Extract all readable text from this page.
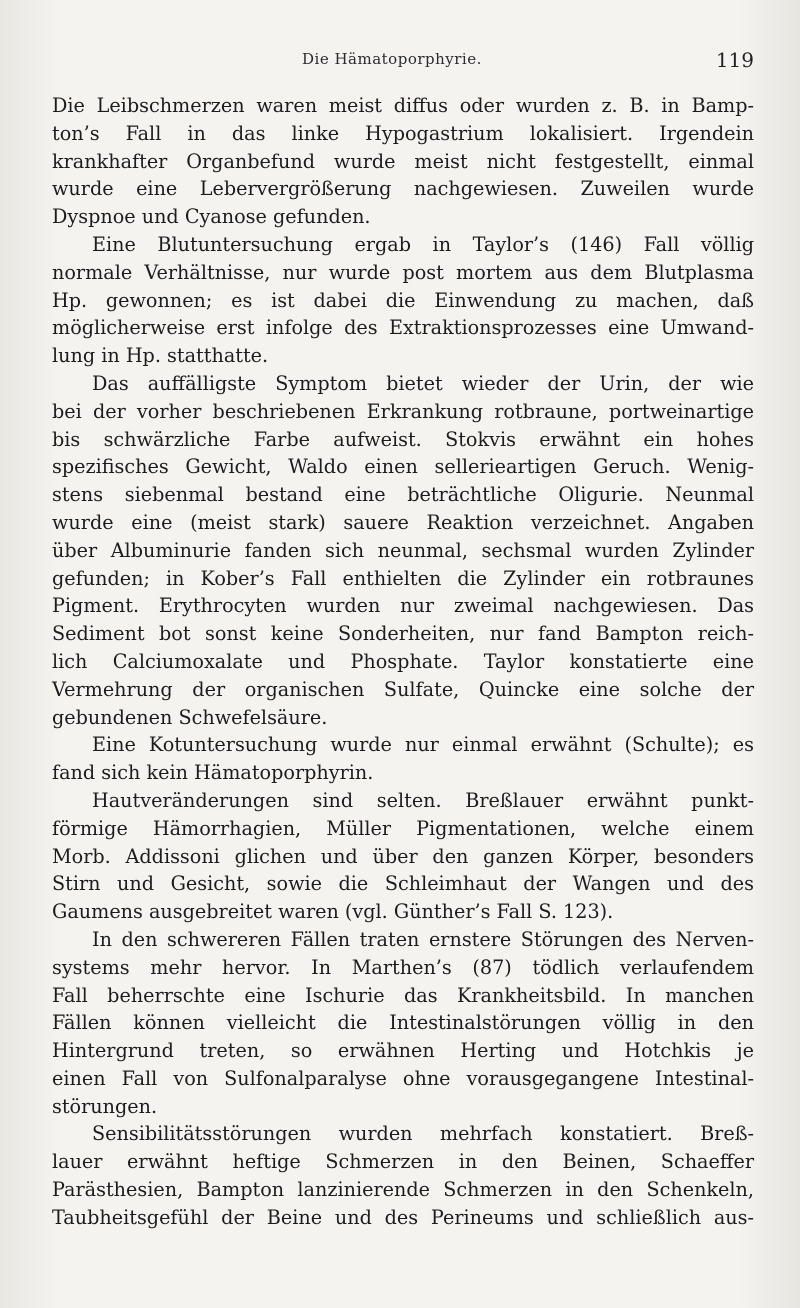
Die Hämatoporphyrie.	119

Die Leibschmerzen waren meist diffus oder wurden z. B. in Bamp-

ton’s Fall in das linke Hypogastrium lokalisiert. Irgendein

krankhafter Organbefund wurde meist nicht festgestellt, einmal

wurde eine Lebervergrößerung nachgewiesen. Zuweilen wurde

Dyspnoe und Cyanose gefunden.

Eine Blutuntersuchung ergab in Taylor’s (146) Fall völlig

normale Verhältnisse, nur wurde post mortem aus dem Blutplasma

Hp. gewonnen; es ist dabei die Einwendung zu machen, daß

möglicherweise erst infolge des Extraktionsprozesses eine Umwand-

lung in Hp. statthatte.

Das auffälligste Symptom bietet wieder der Urin, der wie

bei der vorher beschriebenen Erkrankung rotbraune, portweinartige

bis schwärzliche Farbe aufweist. Stokvis erwähnt ein hohes

spezifisches Gewicht, Waldo einen sellerieartigen Geruch. Wenig-

stens siebenmal bestand eine beträchtliche Oligurie. Neunmal

wurde eine (meist stark) sauere Reaktion verzeichnet. Angaben

über Albuminurie fanden sich neunmal, sechsmal wurden Zylinder

gefunden; in Kober’s Fall enthielten die Zylinder ein rotbraunes

Pigment. Erythrocyten wurden nur zweimal nachgewiesen. Das

Sediment bot sonst keine Sonderheiten, nur fand Bampton reich-

lich Calciumoxalate und Phosphate. Taylor konstatierte eine

Vermehrung der organischen Sulfate, Quincke eine solche der

gebundenen Schwefelsäure.

Eine Kotuntersuchung wurde nur einmal erwähnt (Schulte); es

fand sich kein Hämatoporphyrin.

Hautveränderungen sind selten. Breßlauer erwähnt punkt-

förmige Hämorrhagien, Müller Pigmentationen, welche einem

Morb. Addissoni glichen und über den ganzen Körper, besonders

Stirn und Gesicht, sowie die Schleimhaut der Wangen und des

Gaumens ausgebreitet waren (vgl. Günther’s Fall S. 123).

In den schwereren Fällen traten ernstere Störungen des Nerven-

systems mehr hervor. In Marthen’s (87) tödlich verlaufendem

Fall beherrschte eine Ischurie das Krankheitsbild. In manchen

Fällen können vielleicht die Intestinalstörungen völlig in den

Hintergrund treten, so erwähnen Herting und Hotchkis je

einen Fall von Sulfonalparalyse ohne vorausgegangene Intestinal-

störungen.

Sensibilitätsstörungen wurden mehrfach konstatiert. Breß-

lauer erwähnt heftige Schmerzen in den Beinen, Schaeffer

Parästhesien, Bampton lanzinierende Schmerzen in den Schenkeln,

Taubheitsgefühl der Beine und des Perineums und schließlich aus-
